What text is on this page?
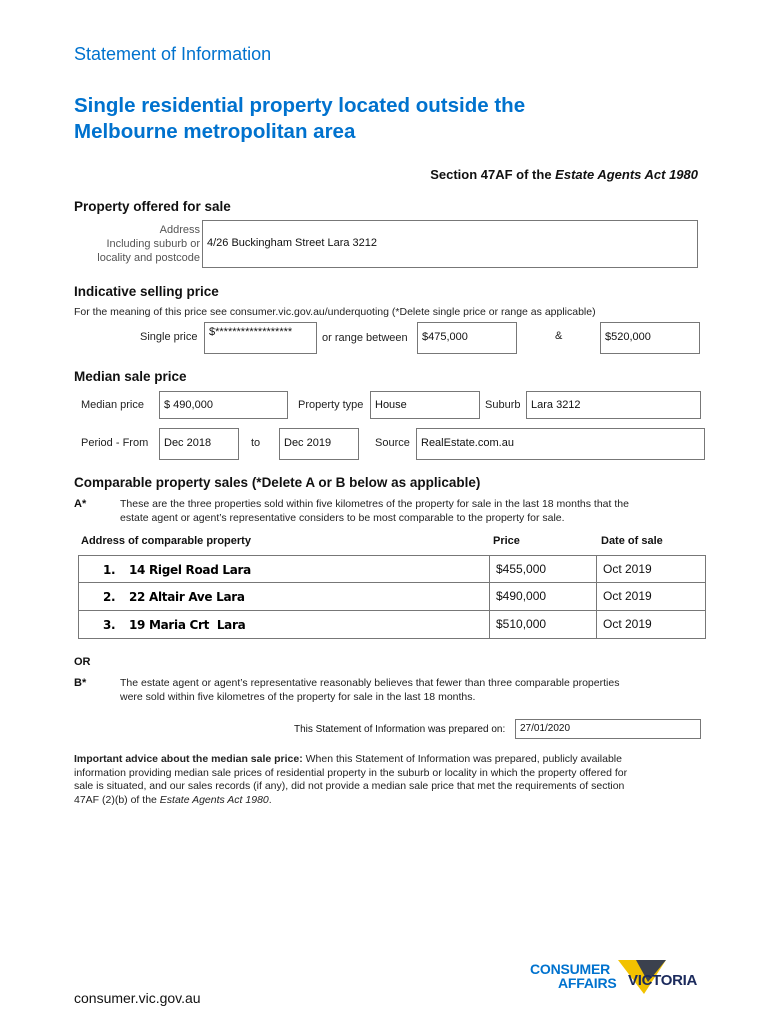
Statement of Information
Single residential property located outside the
Melbourne metropolitan area
Section 47AF of the Estate Agents Act 1980
Property offered for sale
Address
Including suburb or
locality and postcode
4/26 Buckingham Street Lara 3212
Indicative selling price
For the meaning of this price see consumer.vic.gov.au/underquoting (*Delete single price or range as applicable)
Single price	$******************	or range between	$475,000	&	$520,000
Median sale price
Median price	$ 490,000	Property type	House	Suburb Lara 3212
Period - From	Dec 2018	to	Dec 2019	Source	RealEstate.com.au
Comparable property sales (*Delete A or B below as applicable)
A*	These are the three properties sold within five kilometres of the property for sale in the last 18 months that the
estate agent or agent’s representative considers to be most comparable to the property for sale.
Address of comparable property	Price	Date of sale
1. 14 Rigel Road Lara	$455,000	Oct 2019
2. 22 Altair Ave Lara	$490,000	Oct 2019
3. 19 Maria Crt  Lara	$510,000	Oct 2019
OR
B*	The estate agent or agent’s representative reasonably believes that fewer than three comparable properties
were sold within five kilometres of the property for sale in the last 18 months.
This Statement of Information was prepared on:	27/01/2020
Important advice about the median sale price: When this Statement of Information was prepared, publicly available
information providing median sale prices of residential property in the suburb or locality in which the property offered for
sale is situated, and our sales records (if any), did not provide a median sale price that met the requirements of section
47AF (2)(b) of the Estate Agents Act 1980.
CONSUMER
AFFAIRS VICTORIA
consumer.vic.gov.au
